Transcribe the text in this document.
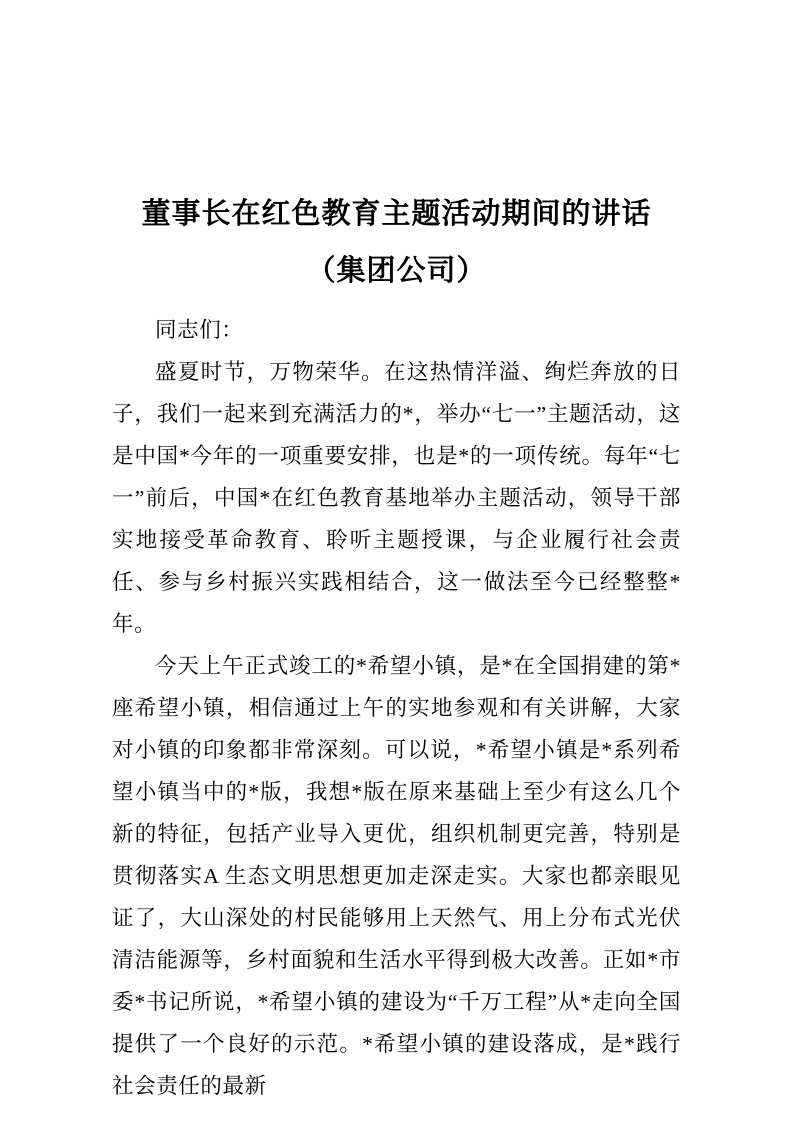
董事长在红色教育主题活动期间的讲话（集团公司）

同志们：

盛夏时节，万物荣华。在这热情洋溢、绚烂奔放的日子，我们一起来到充满活力的*，举办“七一”主题活动，这是中国*今年的一项重要安排，也是*的一项传统。每年“七一”前后，中国*在红色教育基地举办主题活动，领导干部实地接受革命教育、聆听主题授课，与企业履行社会责任、参与乡村振兴实践相结合，这一做法至今已经整整*年。

今天上午正式竣工的*希望小镇，是*在全国捐建的第*座希望小镇，相信通过上午的实地参观和有关讲解，大家对小镇的印象都非常深刻。可以说，*希望小镇是*系列希望小镇当中的*版，我想*版在原来基础上至少有这么几个新的特征，包括产业导入更优，组织机制更完善，特别是贯彻落实A 生态文明思想更加走深走实。大家也都亲眼见证了，大山深处的村民能够用上天然气、用上分布式光伏清洁能源等，乡村面貌和生活水平得到极大改善。正如*市委*书记所说，*希望小镇的建设为“千万工程”从*走向全国提供了一个良好的示范。*希望小镇的建设落成，是*践行社会责任的最新
